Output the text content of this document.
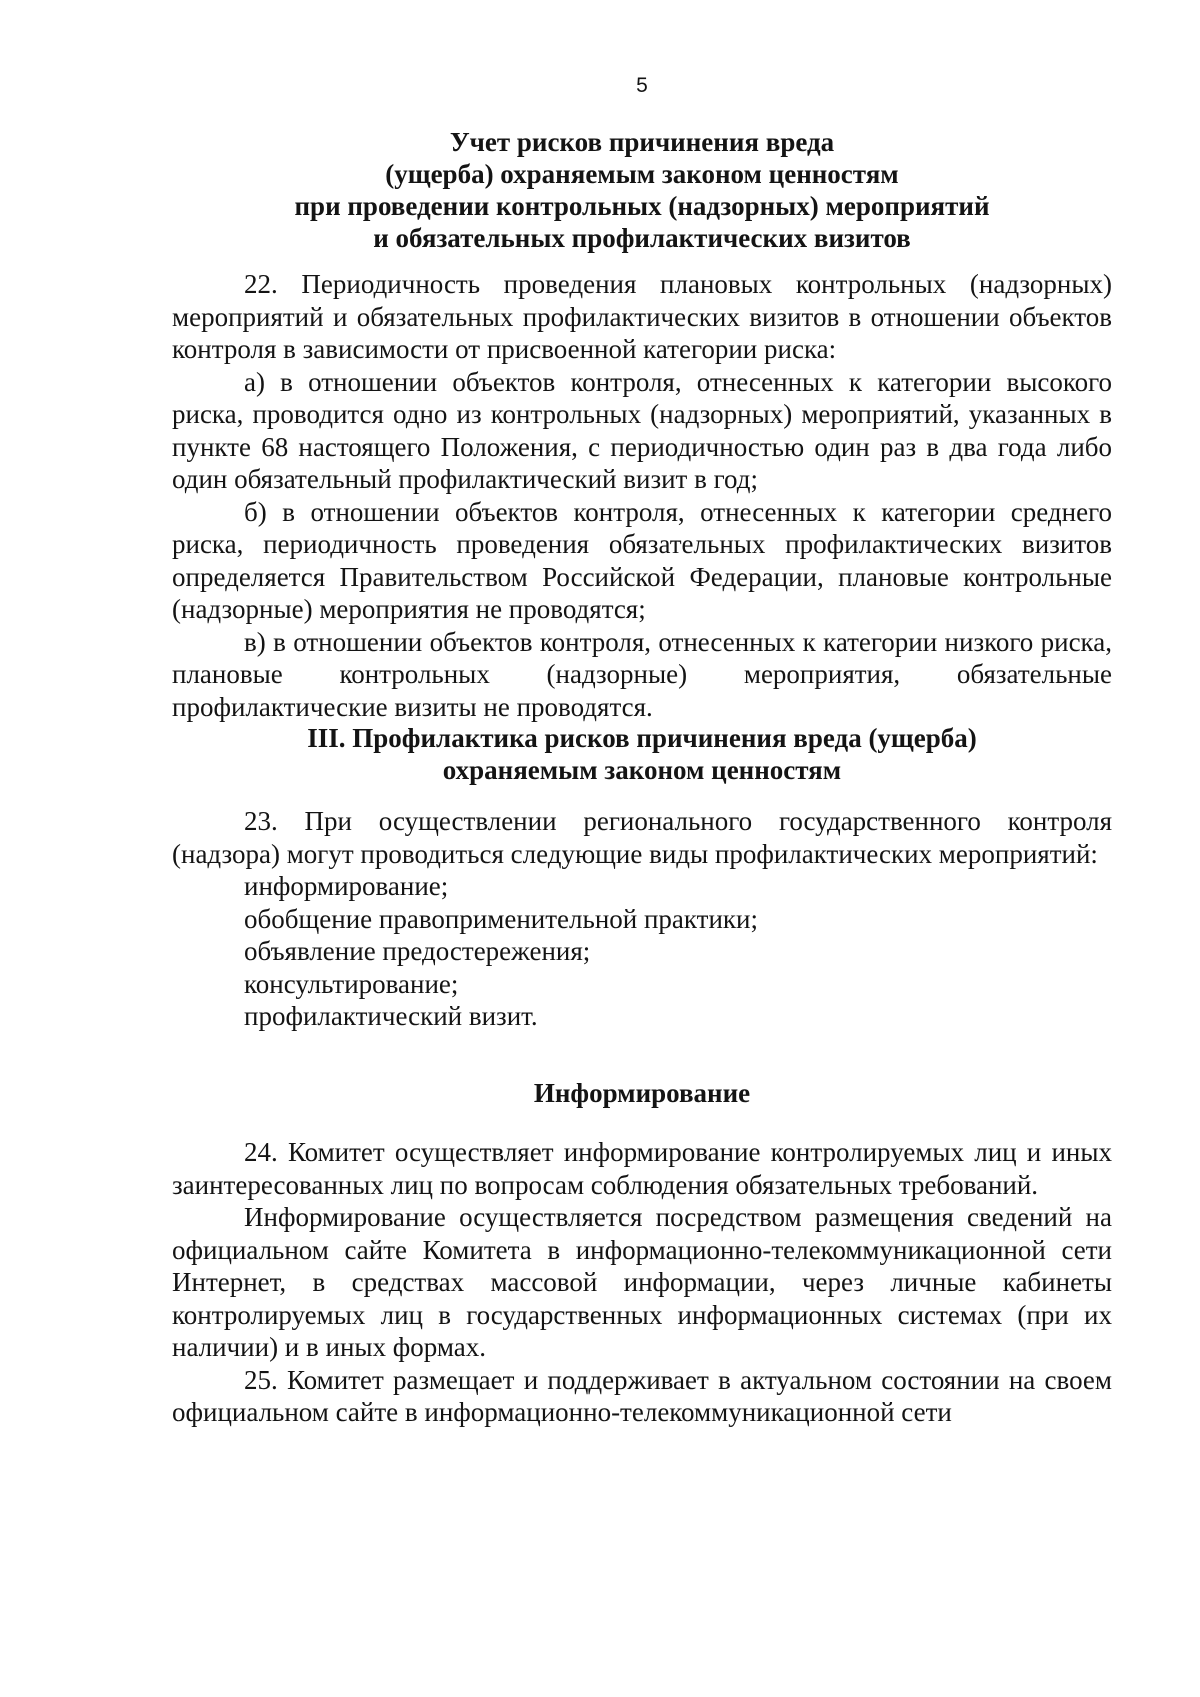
5
Учет рисков причинения вреда
(ущерба) охраняемым законом ценностям
при проведении контрольных (надзорных) мероприятий
и обязательных профилактических визитов

22. Периодичность проведения плановых контрольных (надзорных) мероприятий и обязательных профилактических визитов в отношении объектов контроля в зависимости от присвоенной категории риска:

а) в отношении объектов контроля, отнесенных к категории высокого риска, проводится одно из контрольных (надзорных) мероприятий, указанных в пункте 68 настоящего Положения, с периодичностью один раз в два года либо один обязательный профилактический визит в год;

б) в отношении объектов контроля, отнесенных к категории среднего риска, периодичность проведения обязательных профилактических визитов определяется Правительством Российской Федерации, плановые контрольные (надзорные) мероприятия не проводятся;

в) в отношении объектов контроля, отнесенных к категории низкого риска, плановые контрольных (надзорные) мероприятия, обязательные профилактические визиты не проводятся.

III. Профилактика рисков причинения вреда (ущерба)
охраняемым законом ценностям

23. При осуществлении регионального государственного контроля (надзора) могут проводиться следующие виды профилактических мероприятий:

информирование;

обобщение правоприменительной практики;

объявление предостережения;

консультирование;

профилактический визит.

Информирование

24. Комитет осуществляет информирование контролируемых лиц и иных заинтересованных лиц по вопросам соблюдения обязательных требований.

Информирование осуществляется посредством размещения сведений на официальном сайте Комитета в информационно-телекоммуникационной сети Интернет, в средствах массовой информации, через личные кабинеты контролируемых лиц в государственных информационных системах (при их наличии) и в иных формах.

25. Комитет размещает и поддерживает в актуальном состоянии на своем официальном сайте в информационно-телекоммуникационной сети
